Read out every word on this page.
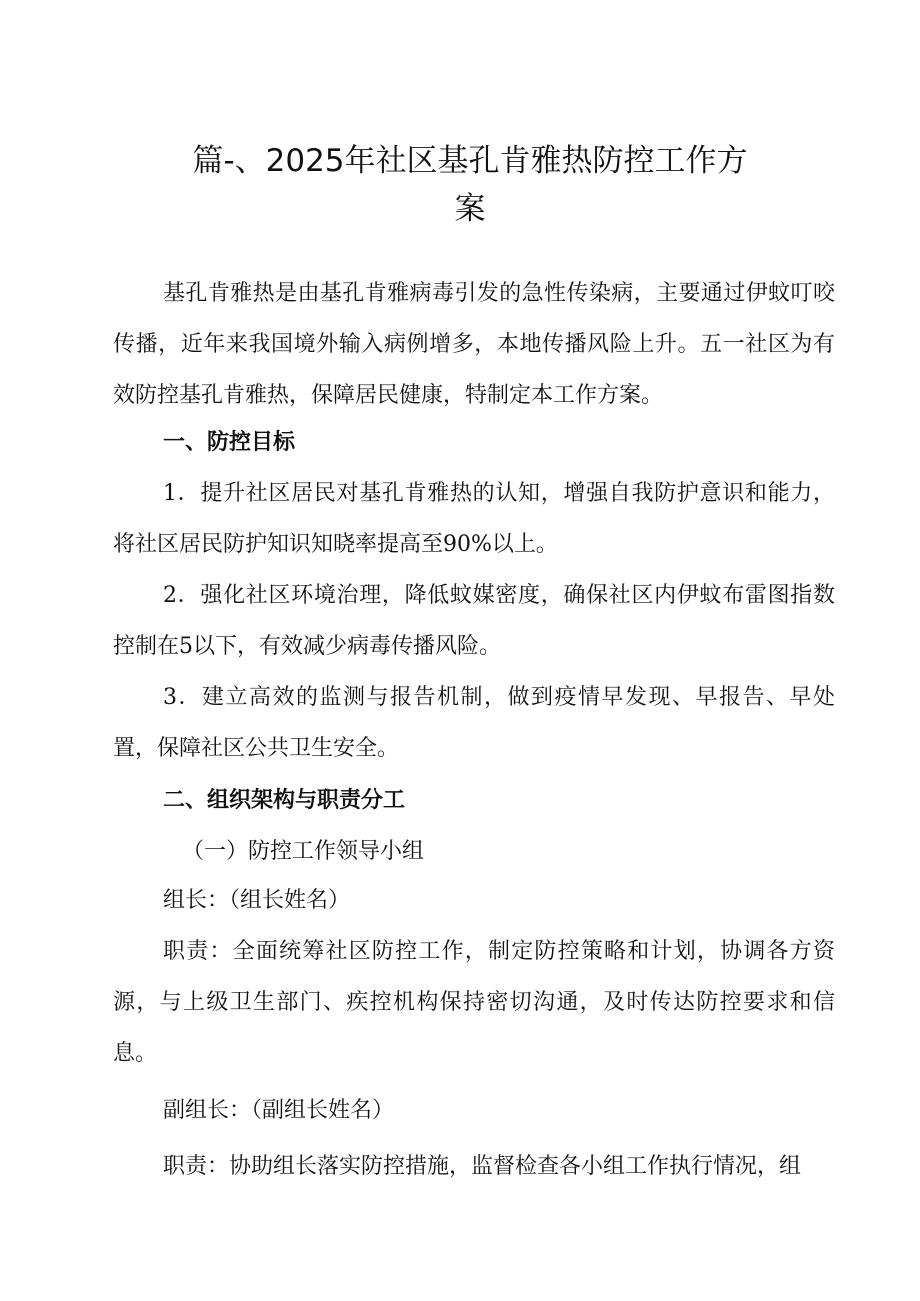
篇-、2025年社区基孔肯雅热防控工作方
案

基孔肯雅热是由基孔肯雅病毒引发的急性传染病，主要通过伊蚊叮咬传播，近年来我国境外输入病例增多，本地传播风险上升。五一社区为有效防控基孔肯雅热，保障居民健康，特制定本工作方案。

一、防控目标

1．提升社区居民对基孔肯雅热的认知，增强自我防护意识和能力，将社区居民防护知识知晓率提高至90%以上。

2．强化社区环境治理，降低蚊媒密度，确保社区内伊蚊布雷图指数控制在5以下，有效减少病毒传播风险。

3．建立高效的监测与报告机制，做到疫情早发现、早报告、早处置，保障社区公共卫生安全。

二、组织架构与职责分工

（一）防控工作领导小组

组长：（组长姓名）

职责：全面统筹社区防控工作，制定防控策略和计划，协调各方资源，与上级卫生部门、疾控机构保持密切沟通，及时传达防控要求和信息。

副组长：（副组长姓名）

职责：协助组长落实防控措施，监督检查各小组工作执行情况，组
